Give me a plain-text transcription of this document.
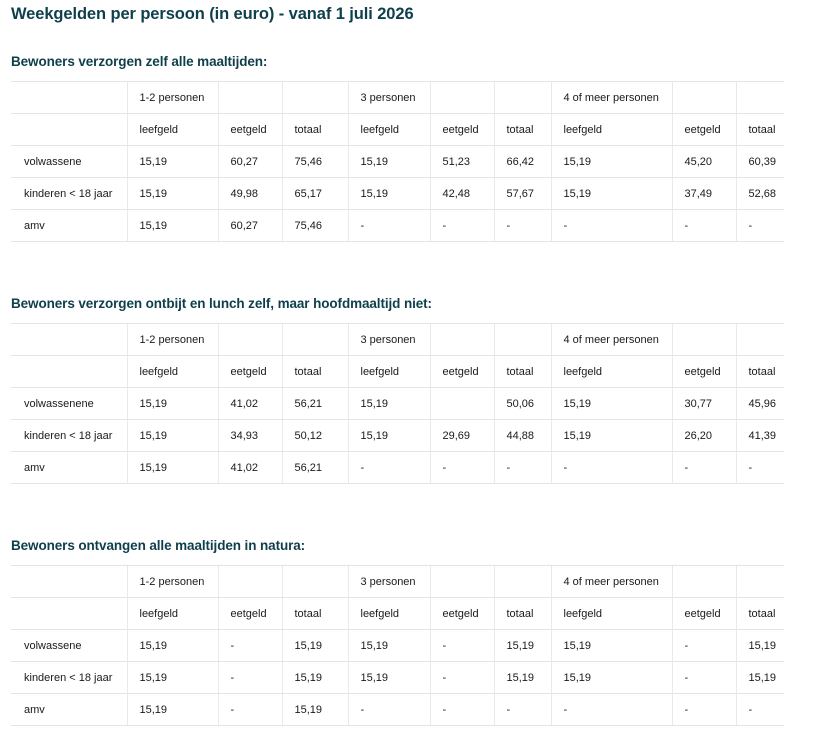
Weekgelden per persoon (in euro) - vanaf 1 juli 2026
Bewoners verzorgen zelf alle maaltijden:
	1-2 personen			3 personen			4 of meer personen		
	leefgeld	eetgeld	totaal	leefgeld	eetgeld	totaal	leefgeld	eetgeld	totaal
volwassene	15,19	60,27	75,46	15,19	51,23	66,42	15,19	45,20	60,39
kinderen < 18 jaar	15,19	49,98	65,17	15,19	42,48	57,67	15,19	37,49	52,68
amv	15,19	60,27	75,46	-	-	-	-	-	-
Bewoners verzorgen ontbijt en lunch zelf, maar hoofdmaaltijd niet:
	1-2 personen			3 personen			4 of meer personen		
	leefgeld	eetgeld	totaal	leefgeld	eetgeld	totaal	leefgeld	eetgeld	totaal
volwassenene	15,19	41,02	56,21	15,19		50,06	15,19	30,77	45,96
kinderen < 18 jaar	15,19	34,93	50,12	15,19	29,69	44,88	15,19	26,20	41,39
amv	15,19	41,02	56,21	-	-	-	-	-	-
Bewoners ontvangen alle maaltijden in natura:
	1-2 personen			3 personen			4 of meer personen		
	leefgeld	eetgeld	totaal	leefgeld	eetgeld	totaal	leefgeld	eetgeld	totaal
volwassene	15,19	-	15,19	15,19	-	15,19	15,19	-	15,19
kinderen < 18 jaar	15,19	-	15,19	15,19	-	15,19	15,19	-	15,19
amv	15,19	-	15,19	-	-	-	-	-	-
